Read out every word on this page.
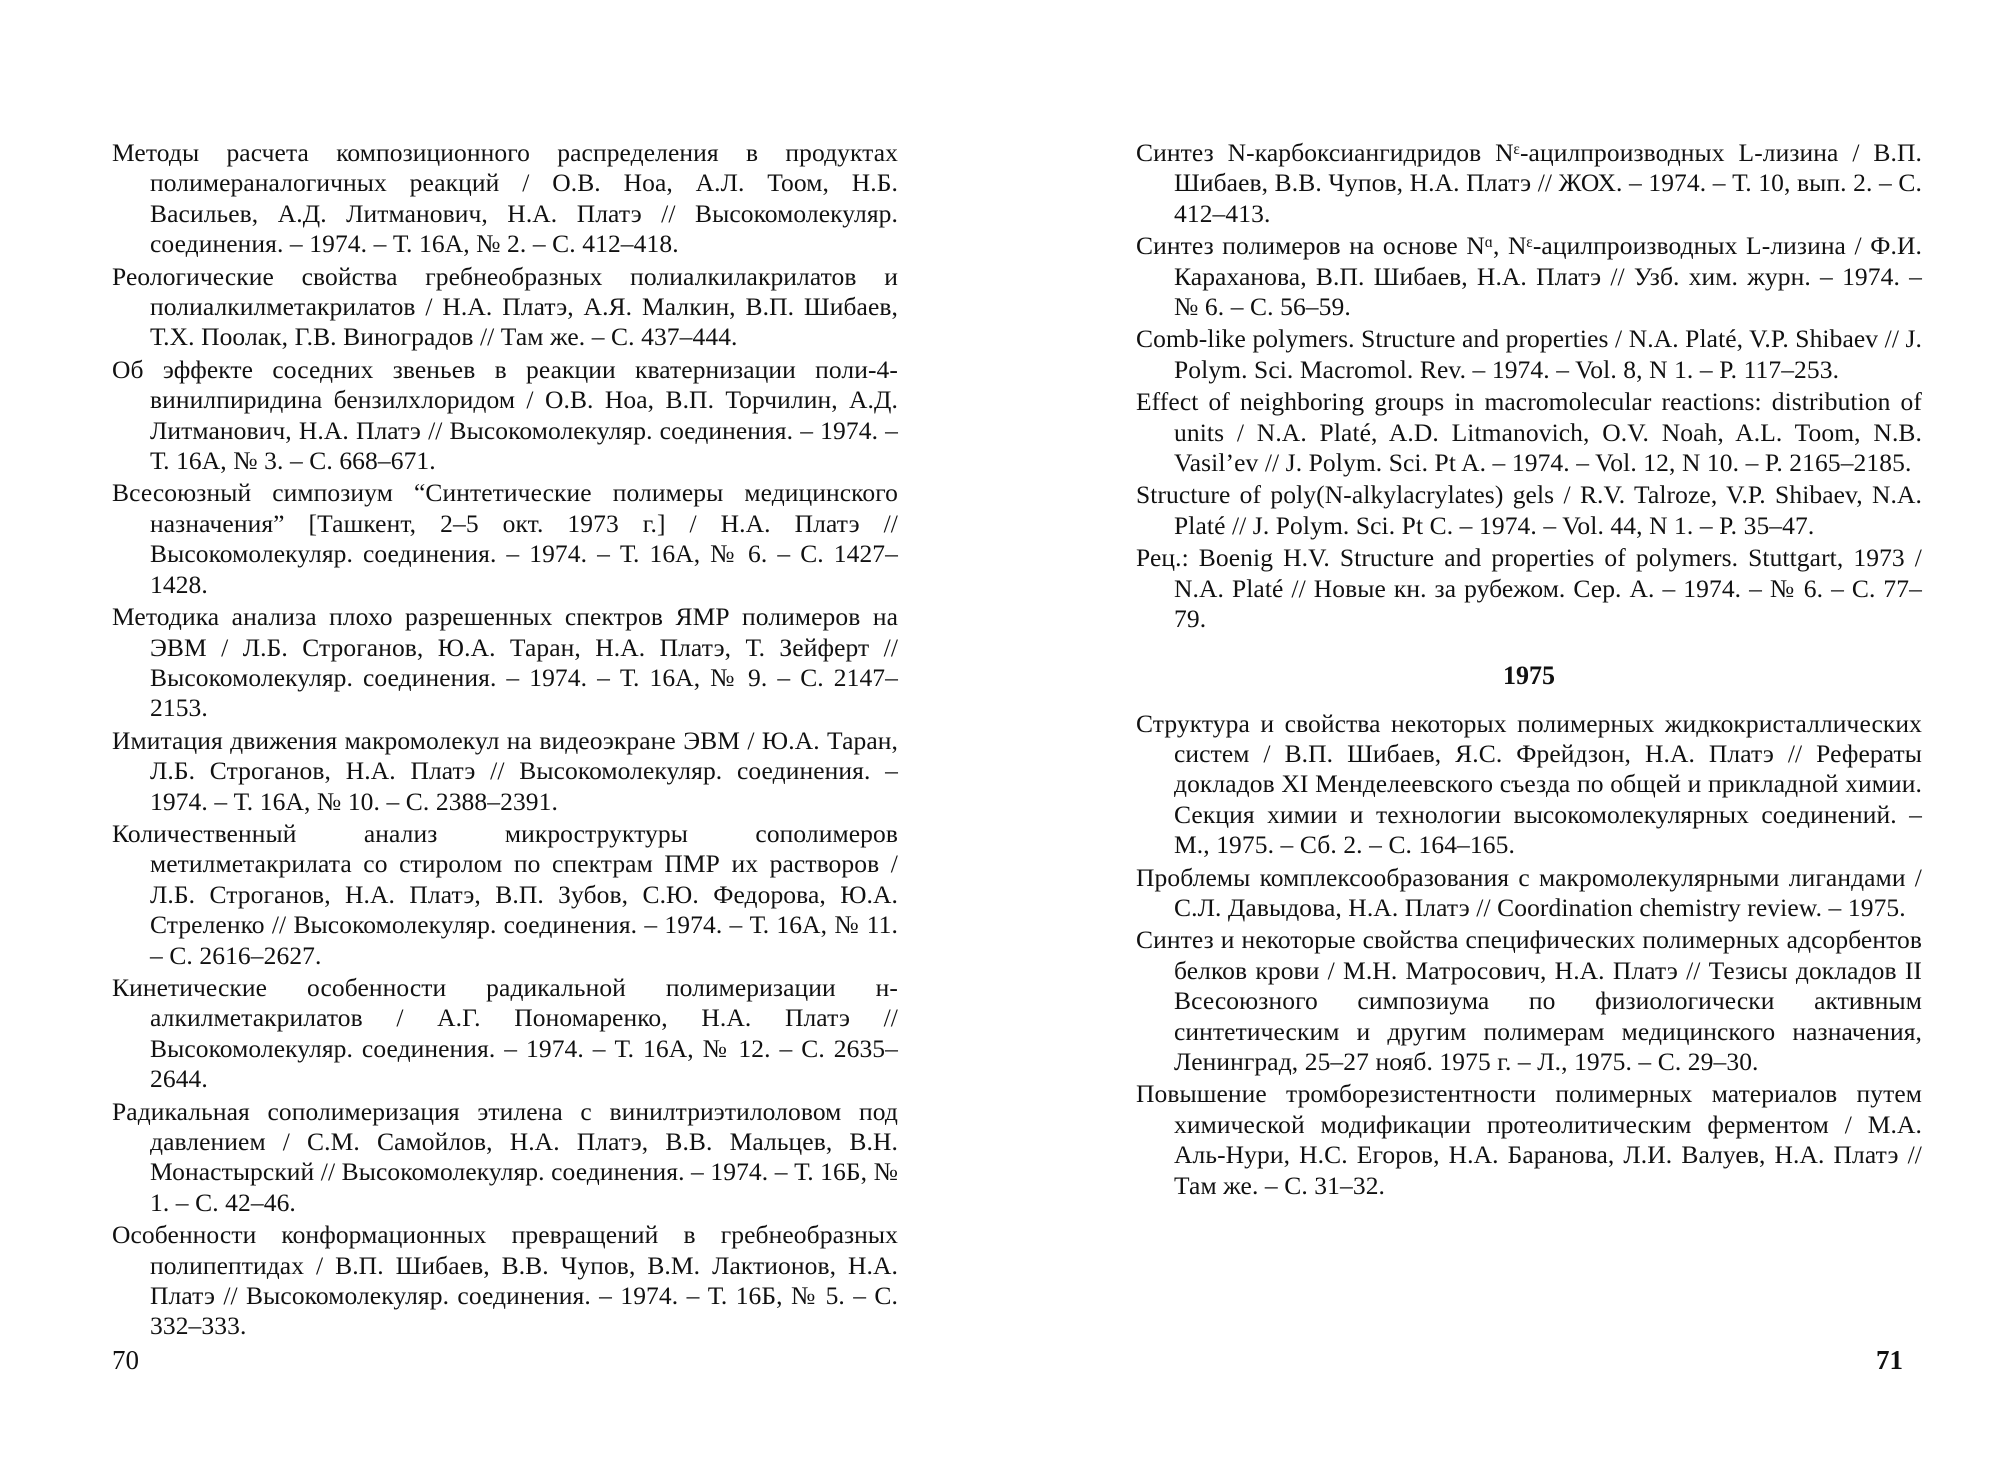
Методы расчета композиционного распределения в продуктах полимераналогичных реакций / О.В. Ноа, А.Л. Тоом, Н.Б. Васильев, А.Д. Литманович, Н.А. Платэ // Высокомолекуляр. соединения. – 1974. – Т. 16А, № 2. – С. 412–418.

Реологические свойства гребнеобразных полиалкилакрилатов и полиалкилметакрилатов / Н.А. Платэ, А.Я. Малкин, В.П. Шибаев, Т.Х. Поолак, Г.В. Виноградов // Там же. – С. 437–444.

Об эффекте соседних звеньев в реакции кватернизации поли-4-винилпиридина бензилхлоридом / О.В. Ноа, В.П. Торчилин, А.Д. Литманович, Н.А. Платэ // Высокомолекуляр. соединения. – 1974. – Т. 16А, № 3. – С. 668–671.

Всесоюзный симпозиум “Синтетические полимеры медицинского назначения” [Ташкент, 2–5 окт. 1973 г.] / Н.А. Платэ // Высокомолекуляр. соединения. – 1974. – Т. 16А, № 6. – С. 1427–1428.

Методика анализа плохо разрешенных спектров ЯМР полимеров на ЭВМ / Л.Б. Строганов, Ю.А. Таран, Н.А. Платэ, Т. Зейферт // Высокомолекуляр. соединения. – 1974. – Т. 16А, № 9. – С. 2147–2153.

Имитация движения макромолекул на видеоэкране ЭВМ / Ю.А. Таран, Л.Б. Строганов, Н.А. Платэ // Высокомолекуляр. соединения. – 1974. – Т. 16А, № 10. – С. 2388–2391.

Количественный анализ микроструктуры сополимеров метилметакрилата со стиролом по спектрам ПМР их растворов / Л.Б. Строганов, Н.А. Платэ, В.П. Зубов, С.Ю. Федорова, Ю.А. Стреленко // Высокомолекуляр. соединения. – 1974. – Т. 16А, № 11. – С. 2616–2627.

Кинетические особенности радикальной полимеризации н-алкилметакрилатов / А.Г. Пономаренко, Н.А. Платэ // Высокомолекуляр. соединения. – 1974. – Т. 16А, № 12. – С. 2635–2644.

Радикальная сополимеризация этилена с винилтриэтилоловом под давлением / С.М. Самойлов, Н.А. Платэ, В.В. Мальцев, В.Н. Монастырский // Высокомолекуляр. соединения. – 1974. – Т. 16Б, № 1. – С. 42–46.

Особенности конформационных превращений в гребнеобразных полипептидах / В.П. Шибаев, В.В. Чупов, В.М. Лактионов, Н.А. Платэ // Высокомолекуляр. соединения. – 1974. – Т. 16Б, № 5. – С. 332–333.

70

Синтез N-карбоксиангидридов Nᵋ-ацилпроизводных L-лизина / В.П. Шибаев, В.В. Чупов, Н.А. Платэ // ЖОХ. – 1974. – Т. 10, вып. 2. – С. 412–413.

Синтез полимеров на основе Nᵅ, Nᵋ-ацилпроизводных L-лизина / Ф.И. Караханова, В.П. Шибаев, Н.А. Платэ // Узб. хим. журн. – 1974. – № 6. – С. 56–59.

Comb-like polymers. Structure and properties / N.A. Platé, V.P. Shibaev // J. Polym. Sci. Macromol. Rev. – 1974. – Vol. 8, N 1. – P. 117–253.

Effect of neighboring groups in macromolecular reactions: distribution of units / N.A. Platé, A.D. Litmanovich, O.V. Noah, A.L. Toom, N.B. Vasil’ev // J. Polym. Sci. Pt A. – 1974. – Vol. 12, N 10. – P. 2165–2185.

Structure of poly(N-alkylacrylates) gels / R.V. Talroze, V.P. Shibaev, N.A. Platé // J. Polym. Sci. Pt C. – 1974. – Vol. 44, N 1. – P. 35–47.

Рец.: Boenig H.V. Structure and properties of polymers. Stuttgart, 1973 / N.A. Platé // Новые кн. за рубежом. Сер. А. – 1974. – № 6. – С. 77–79.

1975

Структура и свойства некоторых полимерных жидкокристаллических систем / В.П. Шибаев, Я.С. Фрейдзон, Н.А. Платэ // Рефераты докладов XI Менделеевского съезда по общей и прикладной химии. Секция химии и технологии высокомолекулярных соединений. – М., 1975. – Сб. 2. – С. 164–165.

Проблемы комплексообразования с макромолекулярными лигандами / С.Л. Давыдова, Н.А. Платэ // Coordination chemistry review. – 1975.

Синтез и некоторые свойства специфических полимерных адсорбентов белков крови / М.Н. Матросович, Н.А. Платэ // Тезисы докладов II Всесоюзного симпозиума по физиологически активным синтетическим и другим полимерам медицинского назначения, Ленинград, 25–27 нояб. 1975 г. – Л., 1975. – С. 29–30.

Повышение тромборезистентности полимерных материалов путем химической модификации протеолитическим ферментом / М.А. Аль-Нури, Н.С. Егоров, Н.А. Баранова, Л.И. Валуев, Н.А. Платэ // Там же. – С. 31–32.

71
